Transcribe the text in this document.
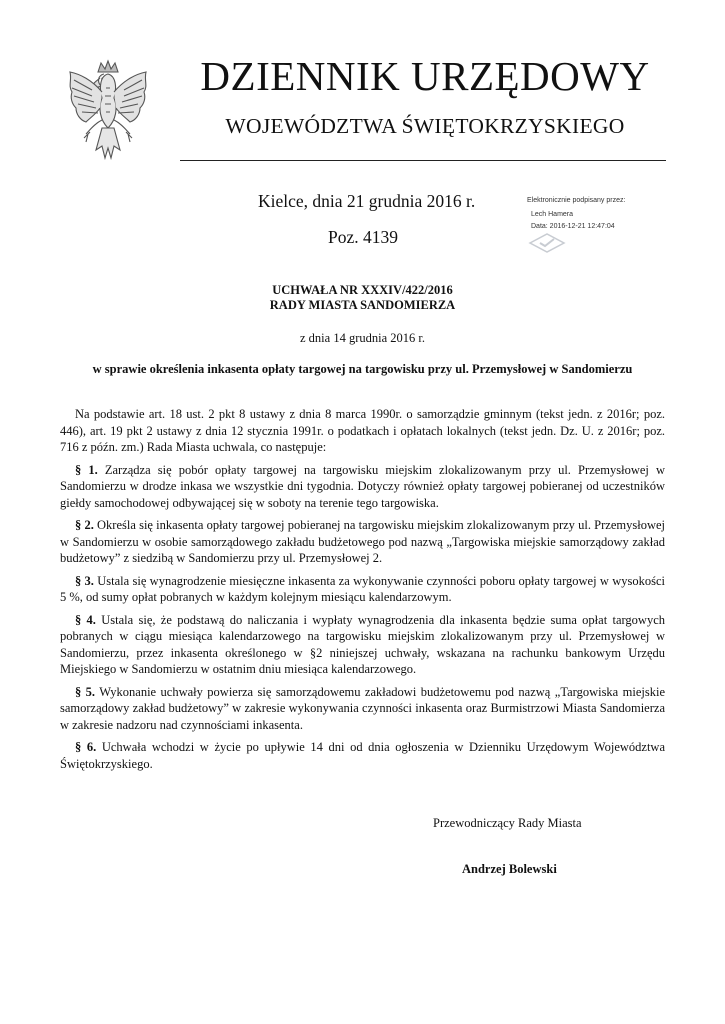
DZIENNIK URZĘDOWY
WOJEWÓDZTWA ŚWIĘTOKRZYSKIEGO
Kielce, dnia 21 grudnia 2016 r.
Poz. 4139
Elektronicznie podpisany przez:
Lech Hamera
Data: 2016-12-21 12:47:04
UCHWAŁA NR XXXIV/422/2016
RADY MIASTA SANDOMIERZA
z dnia 14 grudnia 2016 r.
w sprawie określenia inkasenta opłaty targowej na targowisku przy ul. Przemysłowej w Sandomierzu

Na podstawie art. 18 ust. 2 pkt 8 ustawy z dnia 8 marca 1990r. o samorządzie gminnym (tekst jedn. z 2016r; poz. 446), art. 19 pkt 2 ustawy z dnia 12 stycznia 1991r. o podatkach i opłatach lokalnych (tekst jedn. Dz. U. z 2016r; poz. 716 z późn. zm.) Rada Miasta uchwala, co następuje:

§ 1. Zarządza się pobór opłaty targowej na targowisku miejskim zlokalizowanym przy ul. Przemysłowej w Sandomierzu w drodze inkasa we wszystkie dni tygodnia. Dotyczy również opłaty targowej pobieranej od uczestników giełdy samochodowej odbywającej się w soboty na terenie tego targowiska.

§ 2. Określa się inkasenta opłaty targowej pobieranej na targowisku miejskim zlokalizowanym przy ul. Przemysłowej w Sandomierzu w osobie samorządowego zakładu budżetowego pod nazwą „Targowiska miejskie samorządowy zakład budżetowy” z siedzibą w Sandomierzu przy ul. Przemysłowej 2.

§ 3. Ustala się wynagrodzenie miesięczne inkasenta za wykonywanie czynności poboru opłaty targowej w wysokości 5 %, od sumy opłat pobranych w każdym kolejnym miesiącu kalendarzowym.

§ 4. Ustala się, że podstawą do naliczania i wypłaty wynagrodzenia dla inkasenta będzie suma opłat targowych pobranych w ciągu miesiąca kalendarzowego na targowisku miejskim zlokalizowanym przy ul. Przemysłowej w Sandomierzu, przez inkasenta określonego w §2 niniejszej uchwały, wskazana na rachunku bankowym Urzędu Miejskiego w Sandomierzu w ostatnim dniu miesiąca kalendarzowego.

§ 5. Wykonanie uchwały powierza się samorządowemu zakładowi budżetowemu pod nazwą „Targowiska miejskie samorządowy zakład budżetowy” w zakresie wykonywania czynności inkasenta oraz Burmistrzowi Miasta Sandomierza w zakresie nadzoru nad czynnościami inkasenta.

§ 6. Uchwała wchodzi w życie po upływie 14 dni od dnia ogłoszenia w Dzienniku Urzędowym Województwa Świętokrzyskiego.

Przewodniczący Rady Miasta
Andrzej Bolewski
